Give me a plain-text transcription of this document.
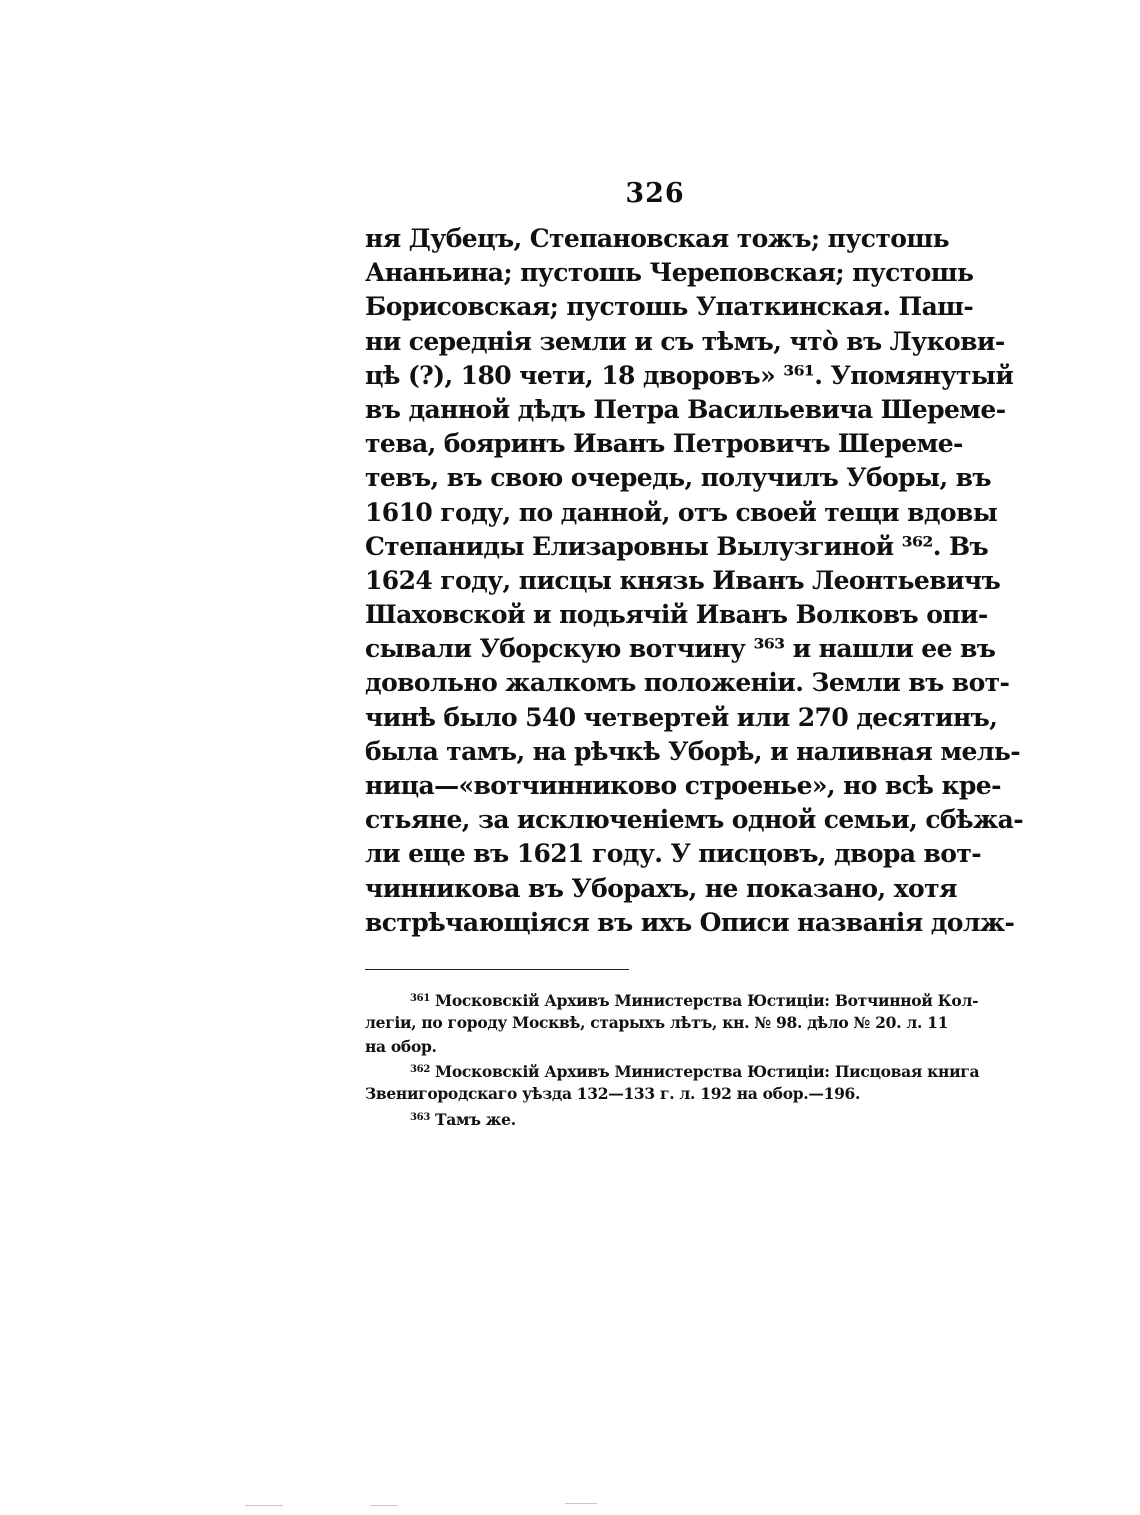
326
ня Дубецъ, Степановская тожъ; пустошь
Ананьина; пустошь Череповская; пустошь
Борисовская; пустошь Упаткинская. Паш-
ни середнія земли и съ тѣмъ, что̀ въ Лукови-
цѣ (?), 180 чети, 18 дворовъ» ³⁶¹. Упомянутый
въ данной дѣдъ Петра Васильевича Шереме-
тева, бояринъ Иванъ Петровичъ Шереме-
тевъ, въ свою очередь, получилъ Уборы, въ
1610 году, по данной, отъ своей тещи вдовы
Степаниды Елизаровны Вылузгиной ³⁶². Въ
1624 году, писцы князь Иванъ Леонтьевичъ
Шаховской и подьячій Иванъ Волковъ опи-
сывали Уборскую вотчину ³⁶³ и нашли ее въ
довольно жалкомъ положеніи. Земли въ вот-
чинѣ было 540 четвертей или 270 десятинъ,
была тамъ, на рѣчкѣ Уборѣ, и наливная мель-
ница—«вотчинниково строенье», но всѣ кре-
стьяне, за исключеніемъ одной семьи, сбѣжа-
ли еще въ 1621 году. У писцовъ, двора вот-
чинникова въ Уборахъ, не показано, хотя
встрѣчающіяся въ ихъ Описи названія долж-
$^{361}$ Московскій Архивъ Министерства Юстиціи: Вотчинной Кол-
легіи, по городу Москвѣ, старыхъ лѣтъ, кн. № 98. дѣло № 20. л. 11
на обор.
$^{362}$ Московскій Архивъ Министерства Юстиціи: Писцовая книга
Звенигородскаго уѣзда 132—133 г. л. 192 на обор.—196.
$^{363}$ Тамъ же.
